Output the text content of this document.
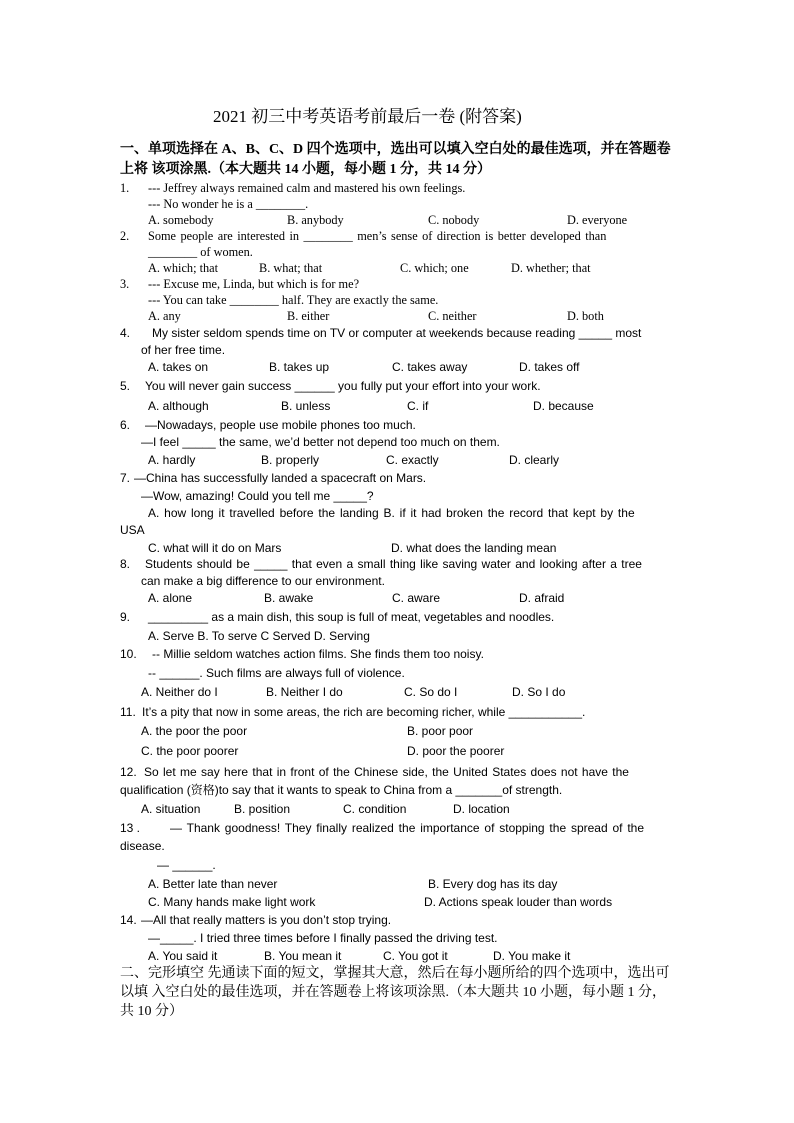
2021 初三中考英语考前最后一卷 (附答案)
一、单项选择在 A、B、C、D 四个选项中，选出可以填入空白处的最佳选项，并在答题卷
上将 该项涂黑.（本大题共 14 小题，每小题 1 分，共 14 分）
1. --- Jeffrey always remained calm and mastered his own feelings.
--- No wonder he is a ________.
A. somebody	B. anybody	C. nobody	D. everyone
2. Some people are interested in ________ men’s sense of direction is better developed than
________ of women.
A. which; that	B. what; that	C. which; one	D. whether; that
3. --- Excuse me, Linda, but which is for me?
--- You can take ________ half. They are exactly the same.
A. any	B. either	C. neither	D. both
4. My sister seldom spends time on TV or computer at weekends because reading _____ most
of her free time.
A. takes on	B. takes up	C. takes away	D. takes off
5. You will never gain success ______ you fully put your effort into your work.
A. although	B. unless	C. if	D. because
6. —Nowadays, people use mobile phones too much.
—I feel _____ the same, we’d better not depend too much on them.
A. hardly	B. properly	C. exactly	D. clearly
7. —China has successfully landed a spacecraft on Mars.
—Wow, amazing! Could you tell me _____?
A. how long it travelled before the landing B. if it had broken the record that kept by the
USA
C. what will it do on Mars	D. what does the landing mean
8. Students should be _____ that even a small thing like saving water and looking after a tree
can make a big difference to our environment.
A. alone	B. awake	C. aware	D. afraid
9. _________ as a main dish, this soup is full of meat, vegetables and noodles.
A. Serve B. To serve C Served D. Serving
10. -- Millie seldom watches action films. She finds them too noisy.
-- ______. Such films are always full of violence.
A. Neither do I	B. Neither I do	C. So do I	D. So I do
11. It’s a pity that now in some areas, the rich are becoming richer, while ___________.
A. the poor the poor	B. poor poor
C. the poor poorer	D. poor the poorer
12. So let me say here that in front of the Chinese side, the United States does not have the
qualification (资格)to say that it wants to speak to China from a _______of strength.
A. situation	B. position	C. condition	D. location
13 . — Thank goodness! They finally realized the importance of stopping the spread of the
disease.
— ______.
A. Better late than never	B. Every dog has its day
C. Many hands make light work	D. Actions speak louder than words
14. —All that really matters is you don’t stop trying.
—_____. I tried three times before I finally passed the driving test.
A. You said it	B. You mean it	C. You got it	D. You make it
二、完形填空 先通读下面的短文，掌握其大意，然后在每小题所给的四个选项中，选出可
以填 入空白处的最佳选项，并在答题卷上将该项涂黑.（本大题共 10 小题，每小题 1 分，
共 10 分）
